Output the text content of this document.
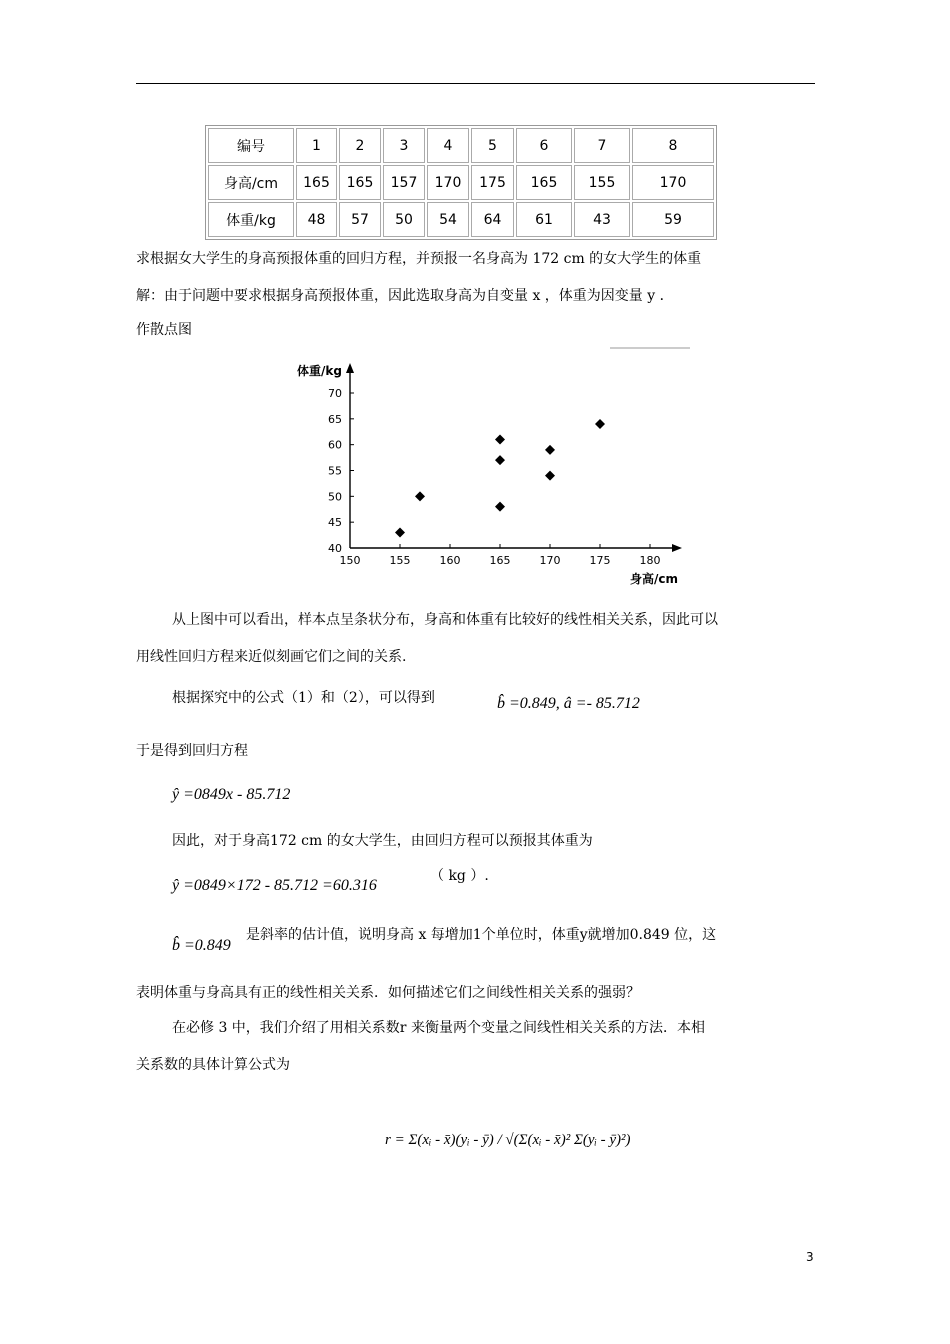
编号	1	2	3	4	5	6	7	8
身高/cm	165	165	157	170	175	165	155	170
体重/kg	48	57	50	54	64	61	43	59
求根据女大学生的身高预报体重的回归方程，并预报一名身高为 172 cm 的女大学生的体重
解：由于问题中要求根据身高预报体重，因此选取身高为自变量 x ，体重为因变量 y ．
作散点图
150	155	160	165	170	175	180
40
45
50
55
60
65
70
体重/kg
身高/cm
从上图中可以看出，样本点呈条状分布，身高和体重有比较好的线性相关关系，因此可以
用线性回归方程来近似刻画它们之间的关系.
根据探究中的公式（1）和（2），可以得到	b̂ =0.849, â =- 85.712
于是得到回归方程
ŷ =0849x - 85.712
因此，对于身高172 cm 的女大学生，由回归方程可以预报其体重为
ŷ =0849×172 - 85.712 =60.316
（ kg ）.
b̂ =0.849
是斜率的估计值，说明身高 x 每增加1个单位时，体重y就增加0.849 位，这
表明体重与身高具有正的线性相关关系．如何描述它们之间线性相关关系的强弱？
在必修 3 中，我们介绍了用相关系数r 来衡量两个变量之间线性相关关系的方法．本相
关系数的具体计算公式为
r = Σ(xᵢ - x̄)(yᵢ - ȳ) / √(Σ(xᵢ - x̄)² Σ(yᵢ - ȳ)²)
3
